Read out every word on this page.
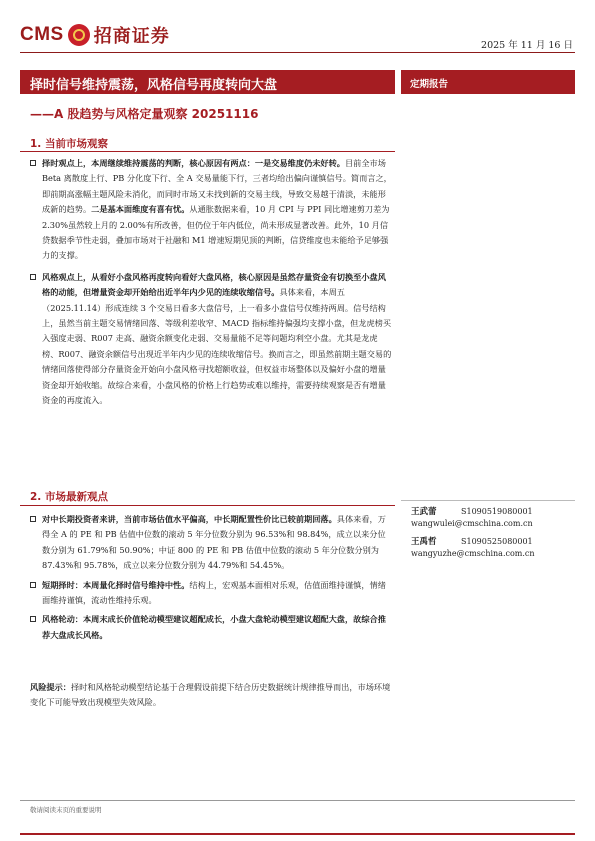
CMS 招商证券	2025 年 11 月 16 日
择时信号维持震荡，风格信号再度转向大盘	定期报告
——A 股趋势与风格定量观察 20251116
1. 当前市场观察
择时观点上，本周继续维持震荡的判断，核心原因有两点：一是交易维度仍未好转。目前全市场 Beta 离散度上行、PB 分化度下行、全 A 交易量能下行，三者均给出偏向谨慎信号。简而言之，即前期高涨幅主题风险未消化，而同时市场又未找到新的交易主线，导致交易越于清淡，未能形成新的趋势。二是基本面维度有喜有忧。从通胀数据来看，10 月 CPI 与 PPI 同比增速剪刀差为 2.30%虽然较上月的 2.00%有所改善，但仍位于年内低位，尚未形成显著改善。此外，10 月信贷数据季节性走弱，叠加市场对于社融和 M1 增速短期见顶的判断，信贷维度也未能给予足够强力的支撑。
风格观点上，从看好小盘风格再度转向看好大盘风格，核心原因是虽然存量资金有切换至小盘风格的动能，但增量资金却开始给出近半年内少见的连续收缩信号。具体来看，本周五（2025.11.14）形成连续 3 个交易日看多大盘信号，上一看多小盘信号仅维持两周。信号结构上，虽然当前主题交易情绪回落、等级利差收窄、MACD 指标维持偏强均支撑小盘，但龙虎榜买入强度走弱、R007 走高、融资余额变化走弱、交易量能不足等问题均利空小盘。尤其是龙虎榜、R007、融资余额信号出现近半年内少见的连续收缩信号。换而言之，即虽然前期主题交易的情绪回落使得部分存量资金开始向小盘风格寻找超额收益，但权益市场整体以及偏好小盘的增量资金却开始收缩。故综合来看，小盘风格的价格上行趋势或难以维持，需要持续观察是否有增量资金的再度流入。
2. 市场最新观点
对中长期投资者来讲，当前市场估值水平偏高，中长期配置性价比已较前期回落。具体来看，万得全 A 的 PE 和 PB 估值中位数的滚动 5 年分位数分别为 96.53%和 98.84%，成立以来分位数分别为 61.79%和 50.90%；中证 800 的 PE 和 PB 估值中位数的滚动 5 年分位数分别为 87.43%和 95.78%，成立以来分位数分别为 44.79%和 54.45%。
短期择时：本周量化择时信号维持中性。结构上，宏观基本面相对乐观，估值面维持谨慎，情绪面维持谨慎，流动性维持乐观。
风格轮动：本周末成长价值轮动模型建议超配成长，小盘大盘轮动模型建议超配大盘，故综合推荐大盘成长风格。
风险提示：择时和风格轮动模型结论基于合理假设前提下结合历史数据统计规律推导而出，市场环境变化下可能导致出现模型失效风险。
王武蕾	S1090519080001
wangwulei@cmschina.com.cn
王禹哲	S1090525080001
wangyuzhe@cmschina.com.cn
敬请阅读末页的重要说明
